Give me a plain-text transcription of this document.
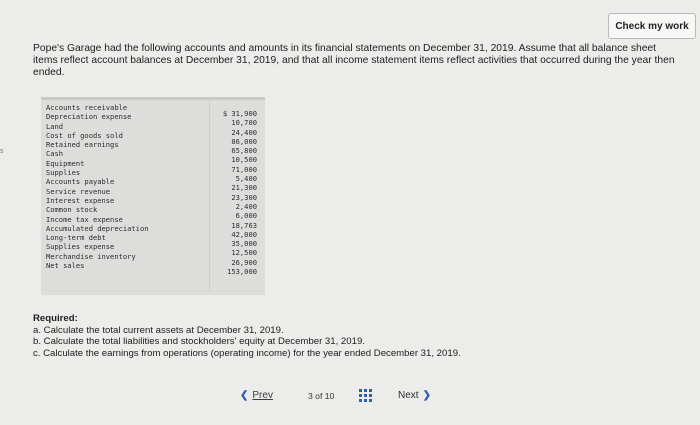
Check my work
s
Pope's Garage had the following accounts and amounts in its financial statements on December 31, 2019. Assume that all balance sheet items reflect account balances at December 31, 2019, and that all income statement items reflect activities that occurred during the year then ended.
Accounts receivable
Depreciation expense
Land
Cost of goods sold
Retained earnings
Cash
Equipment
Supplies
Accounts payable
Service revenue
Interest expense
Common stock
Income tax expense
Accumulated depreciation
Long-term debt
Supplies expense
Merchandise inventory
Net sales
$ 31,900
10,700
24,400
86,000
65,800
10,500
71,000
5,400
21,300
23,300
2,400
6,000
18,763
42,000
35,000
12,500
26,900
153,000
Required:
a. Calculate the total current assets at December 31, 2019.
b. Calculate the total liabilities and stockholders' equity at December 31, 2019.
c. Calculate the earnings from operations (operating income) for the year ended December 31, 2019.
❮ Prev	3 of 10	Next ❯
